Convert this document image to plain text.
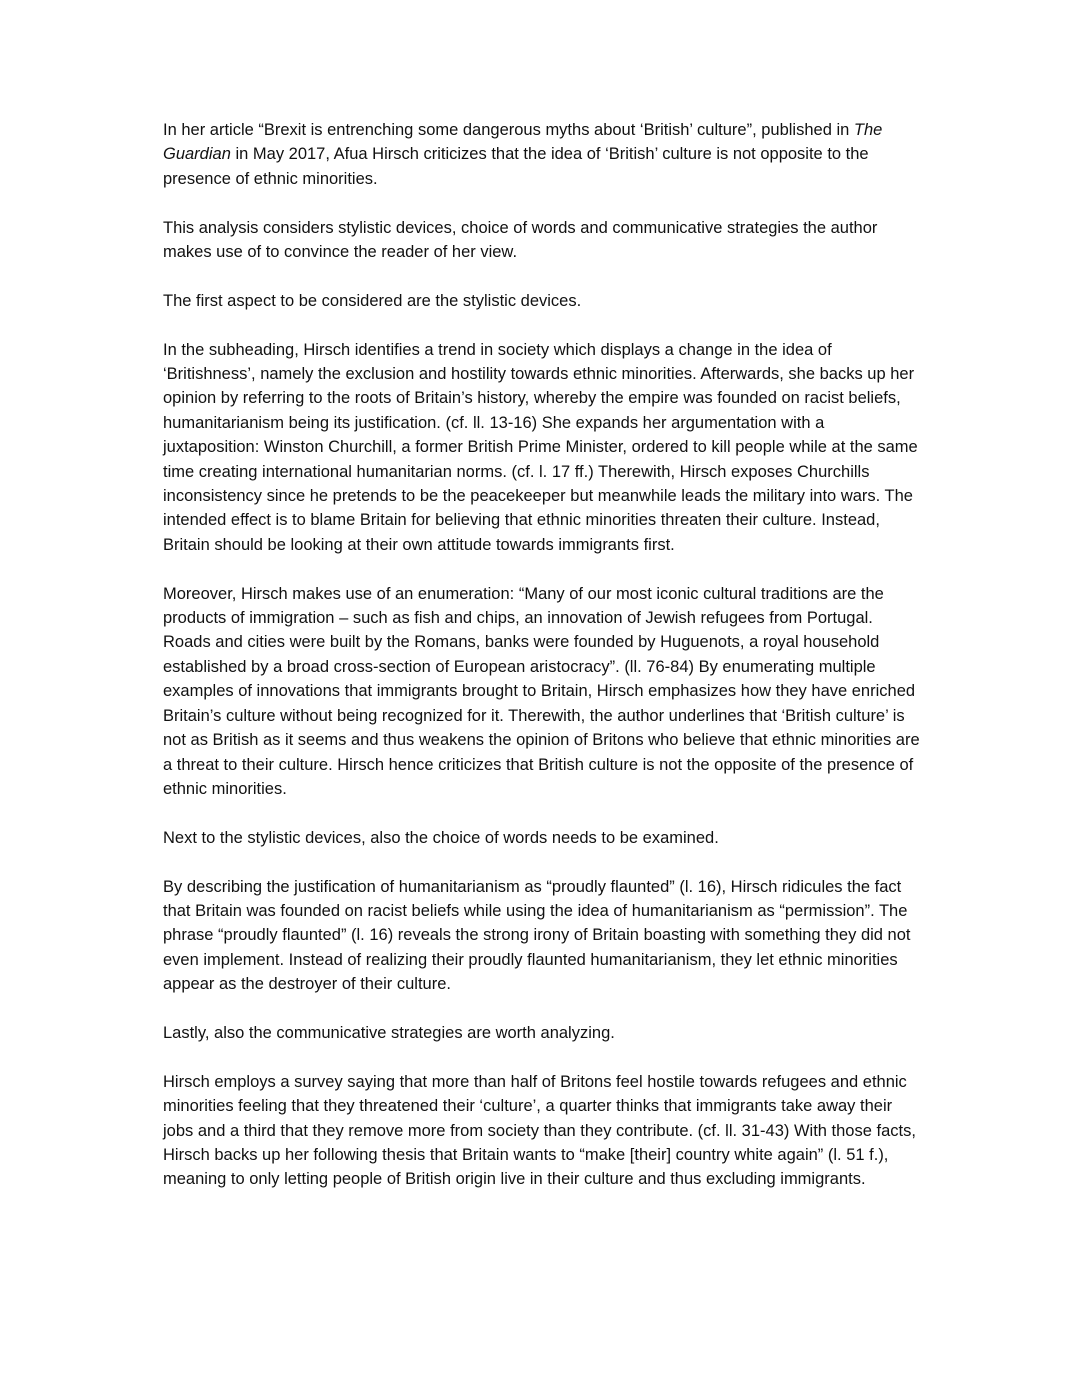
In her article “Brexit is entrenching some dangerous myths about ‘British’ culture”, published in The Guardian in May 2017, Afua Hirsch criticizes that the idea of ‘British’ culture is not opposite to the presence of ethnic minorities.

This analysis considers stylistic devices, choice of words and communicative strategies the author makes use of to convince the reader of her view.

The first aspect to be considered are the stylistic devices.

In the subheading, Hirsch identifies a trend in society which displays a change in the idea of ‘Britishness’, namely the exclusion and hostility towards ethnic minorities. Afterwards, she backs up her opinion by referring to the roots of Britain’s history, whereby the empire was founded on racist beliefs, humanitarianism being its justification. (cf. ll. 13-16) She expands her argumentation with a juxtaposition: Winston Churchill, a former British Prime Minister, ordered to kill people while at the same time creating international humanitarian norms. (cf. l. 17 ff.) Therewith, Hirsch exposes Churchills inconsistency since he pretends to be the peacekeeper but meanwhile leads the military into wars. The intended effect is to blame Britain for believing that ethnic minorities threaten their culture. Instead, Britain should be looking at their own attitude towards immigrants first.

Moreover, Hirsch makes use of an enumeration: “Many of our most iconic cultural traditions are the products of immigration – such as fish and chips, an innovation of Jewish refugees from Portugal. Roads and cities were built by the Romans, banks were founded by Huguenots, a royal household established by a broad cross-section of European aristocracy”. (ll. 76-84) By enumerating multiple examples of innovations that immigrants brought to Britain, Hirsch emphasizes how they have enriched Britain’s culture without being recognized for it. Therewith, the author underlines that ‘British culture’ is not as British as it seems and thus weakens the opinion of Britons who believe that ethnic minorities are a threat to their culture. Hirsch hence criticizes that British culture is not the opposite of the presence of ethnic minorities.

Next to the stylistic devices, also the choice of words needs to be examined.

By describing the justification of humanitarianism as “proudly flaunted” (l. 16), Hirsch ridicules the fact that Britain was founded on racist beliefs while using the idea of humanitarianism as “permission”. The phrase “proudly flaunted” (l. 16) reveals the strong irony of Britain boasting with something they did not even implement. Instead of realizing their proudly flaunted humanitarianism, they let ethnic minorities appear as the destroyer of their culture.

Lastly, also the communicative strategies are worth analyzing.

Hirsch employs a survey saying that more than half of Britons feel hostile towards refugees and ethnic minorities feeling that they threatened their ‘culture’, a quarter thinks that immigrants take away their jobs and a third that they remove more from society than they contribute. (cf. ll. 31-43) With those facts, Hirsch backs up her following thesis that Britain wants to “make [their] country white again” (l. 51 f.), meaning to only letting people of British origin live in their culture and thus excluding immigrants.
